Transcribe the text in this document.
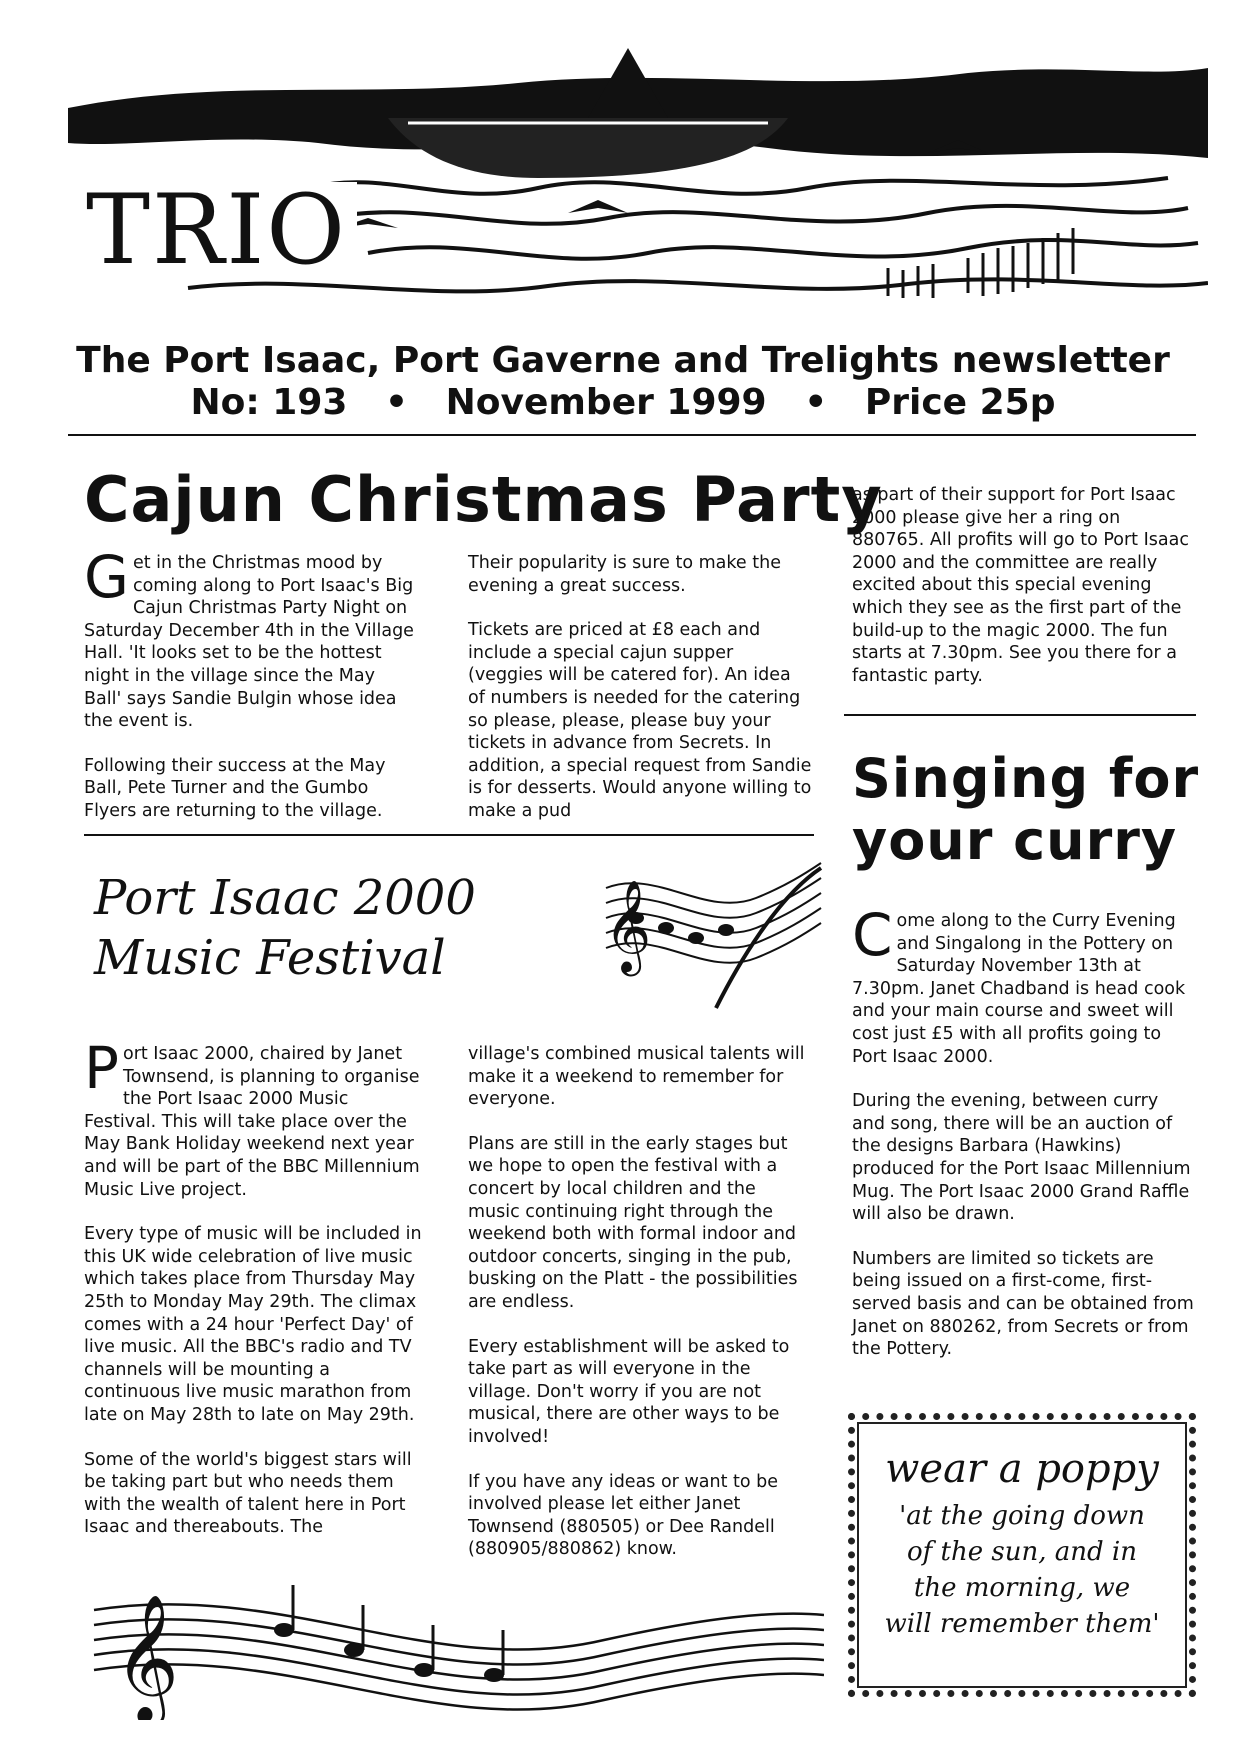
TRIO
The Port Isaac, Port Gaverne and Trelights newsletter
No: 193 • November 1999 • Price 25p
Cajun Christmas Party

Get in the Christmas mood by coming along to Port Isaac's Big Cajun Christmas Party Night on Saturday December 4th in the Village Hall. 'It looks set to be the hottest night in the village since the May Ball' says Sandie Bulgin whose idea the event is.

Following their success at the May Ball, Pete Turner and the Gumbo Flyers are returning to the village.

Their popularity is sure to make the evening a great success.

Tickets are priced at £8 each and include a special cajun supper (veggies will be catered for). An idea of numbers is needed for the catering so please, please, please buy your tickets in advance from Secrets. In addition, a special request from Sandie is for desserts. Would anyone willing to make a pud

as part of their support for Port Isaac 2000 please give her a ring on 880765. All profits will go to Port Isaac 2000 and the committee are really excited about this special evening which they see as the first part of the build-up to the magic 2000. The fun starts at 7.30pm. See you there for a fantastic party.

Port Isaac 2000
Music Festival	𝄞

Port Isaac 2000, chaired by Janet Townsend, is planning to organise the Port Isaac 2000 Music Festival. This will take place over the May Bank Holiday weekend next year and will be part of the BBC Millennium Music Live project.

Every type of music will be included in this UK wide celebration of live music which takes place from Thursday May 25th to Monday May 29th. The climax comes with a 24 hour 'Perfect Day' of live music. All the BBC's radio and TV channels will be mounting a continuous live music marathon from late on May 28th to late on May 29th.

Some of the world's biggest stars will be taking part but who needs them with the wealth of talent here in Port Isaac and thereabouts. The

village's combined musical talents will make it a weekend to remember for everyone.

Plans are still in the early stages but we hope to open the festival with a concert by local children and the music continuing right through the weekend both with formal indoor and outdoor concerts, singing in the pub, busking on the Platt - the possibilities are endless.

Every establishment will be asked to take part as will everyone in the village. Don't worry if you are not musical, there are other ways to be involved!

If you have any ideas or want to be involved please let either Janet Townsend (880505) or Dee Randell (880905/880862) know.

𝄞
Singing for
your curry

Come along to the Curry Evening and Singalong in the Pottery on Saturday November 13th at 7.30pm. Janet Chadband is head cook and your main course and sweet will cost just £5 with all profits going to Port Isaac 2000.

During the evening, between curry and song, there will be an auction of the designs Barbara (Hawkins) produced for the Port Isaac Millennium Mug. The Port Isaac 2000 Grand Raffle will also be drawn.

Numbers are limited so tickets are being issued on a first-come, first-served basis and can be obtained from Janet on 880262, from Secrets or from the Pottery.

wear a poppy
'at the going down
of the sun, and in
the morning, we
will remember them'
